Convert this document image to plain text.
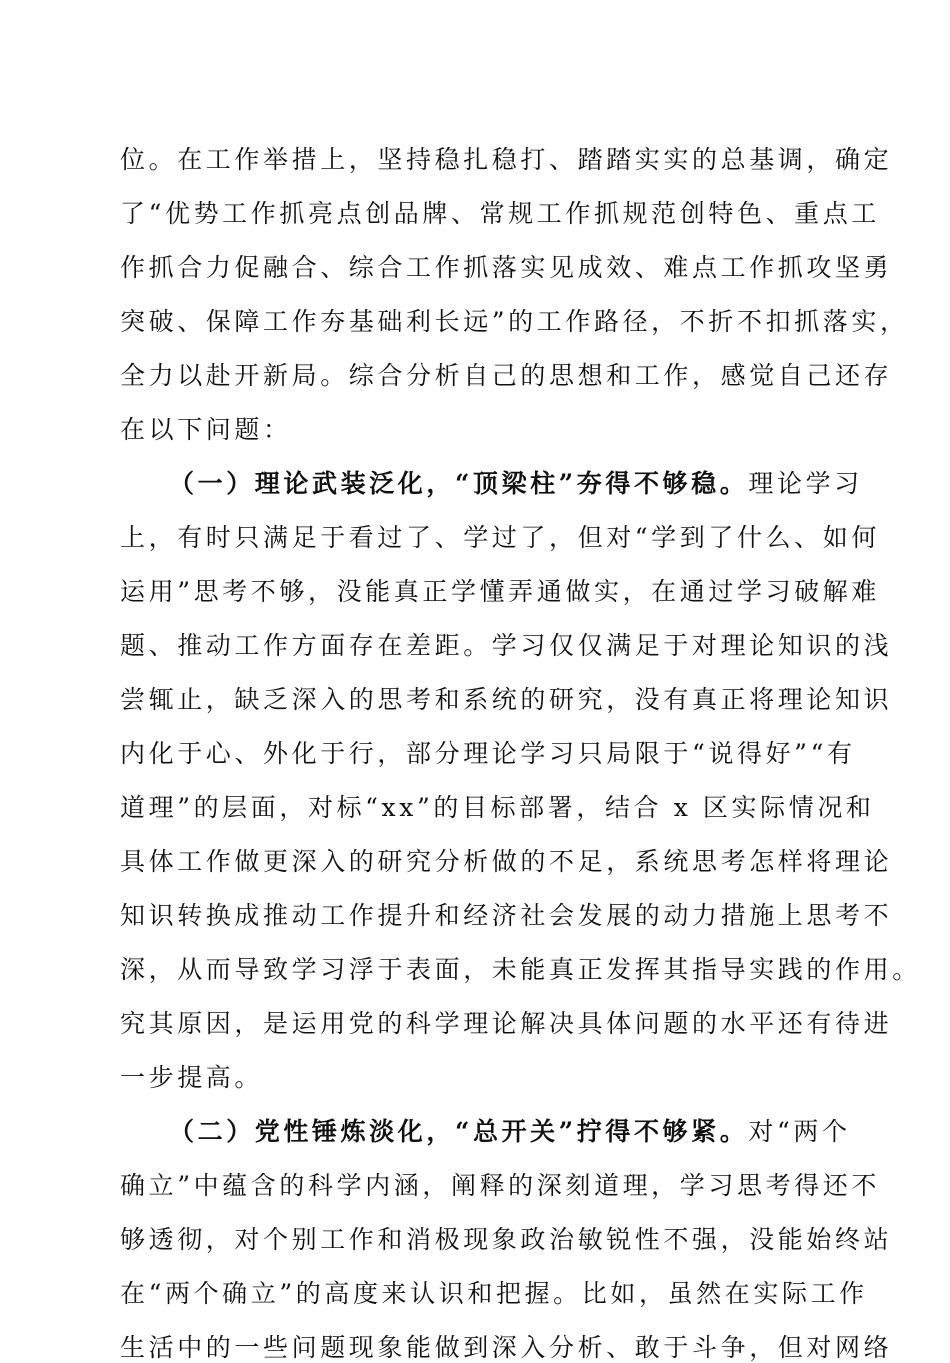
位。在工作举措上，坚持稳扎稳打、踏踏实实的总基调，确定
了“优势工作抓亮点创品牌、常规工作抓规范创特色、重点工
作抓合力促融合、综合工作抓落实见成效、难点工作抓攻坚勇
突破、保障工作夯基础利长远”的工作路径，不折不扣抓落实，
全力以赴开新局。综合分析自己的思想和工作，感觉自己还存
在以下问题：
（一）理论武装泛化，“顶梁柱”夯得不够稳。理论学习
上，有时只满足于看过了、学过了，但对“学到了什么、如何
运用”思考不够，没能真正学懂弄通做实，在通过学习破解难
题、推动工作方面存在差距。学习仅仅满足于对理论知识的浅
尝辄止，缺乏深入的思考和系统的研究，没有真正将理论知识
内化于心、外化于行，部分理论学习只局限于“说得好”“有
道理”的层面，对标“xx”的目标部署，结合 x 区实际情况和
具体工作做更深入的研究分析做的不足，系统思考怎样将理论
知识转换成推动工作提升和经济社会发展的动力措施上思考不
深，从而导致学习浮于表面，未能真正发挥其指导实践的作用。
究其原因，是运用党的科学理论解决具体问题的水平还有待进
一步提高。
（二）党性锤炼淡化，“总开关”拧得不够紧。对“两个
确立”中蕴含的科学内涵，阐释的深刻道理，学习思考得还不
够透彻，对个别工作和消极现象政治敏锐性不强，没能始终站
在“两个确立”的高度来认识和把握。比如，虽然在实际工作
生活中的一些问题现象能做到深入分析、敢于斗争，但对网络
